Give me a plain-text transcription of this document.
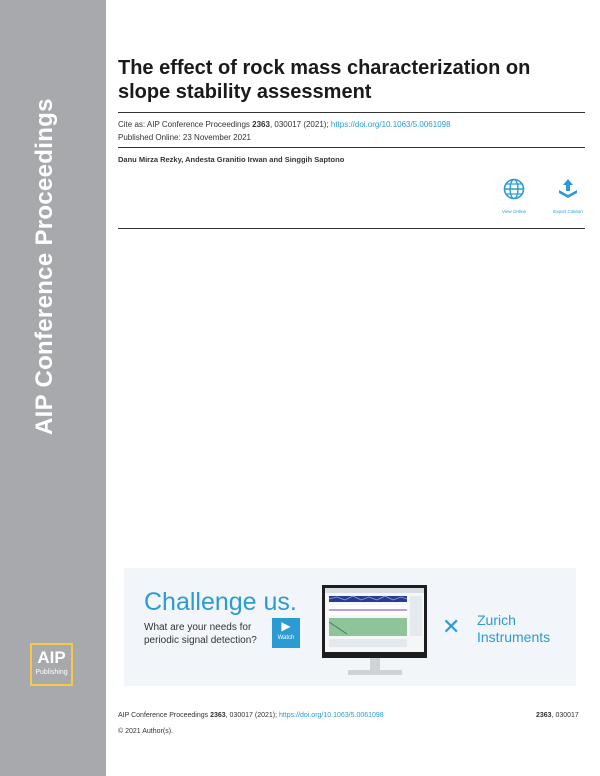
AIP Conference Proceedings
AIP
Publishing
The effect of rock mass characterization on slope stability assessment
Cite as: AIP Conference Proceedings 2363, 030017 (2021); https://doi.org/10.1063/5.0061098
Published Online: 23 November 2021
Danu Mirza Rezky, Andesta Granitio Irwan and Singgih Saptono
View Online	Export Citation
Challenge us.
What are your needs for
periodic signal detection?
▶
Watch	✕ Zurich
Instruments
AIP Conference Proceedings 2363, 030017 (2021); https://doi.org/10.1063/5.0061098	2363, 030017
© 2021 Author(s).
